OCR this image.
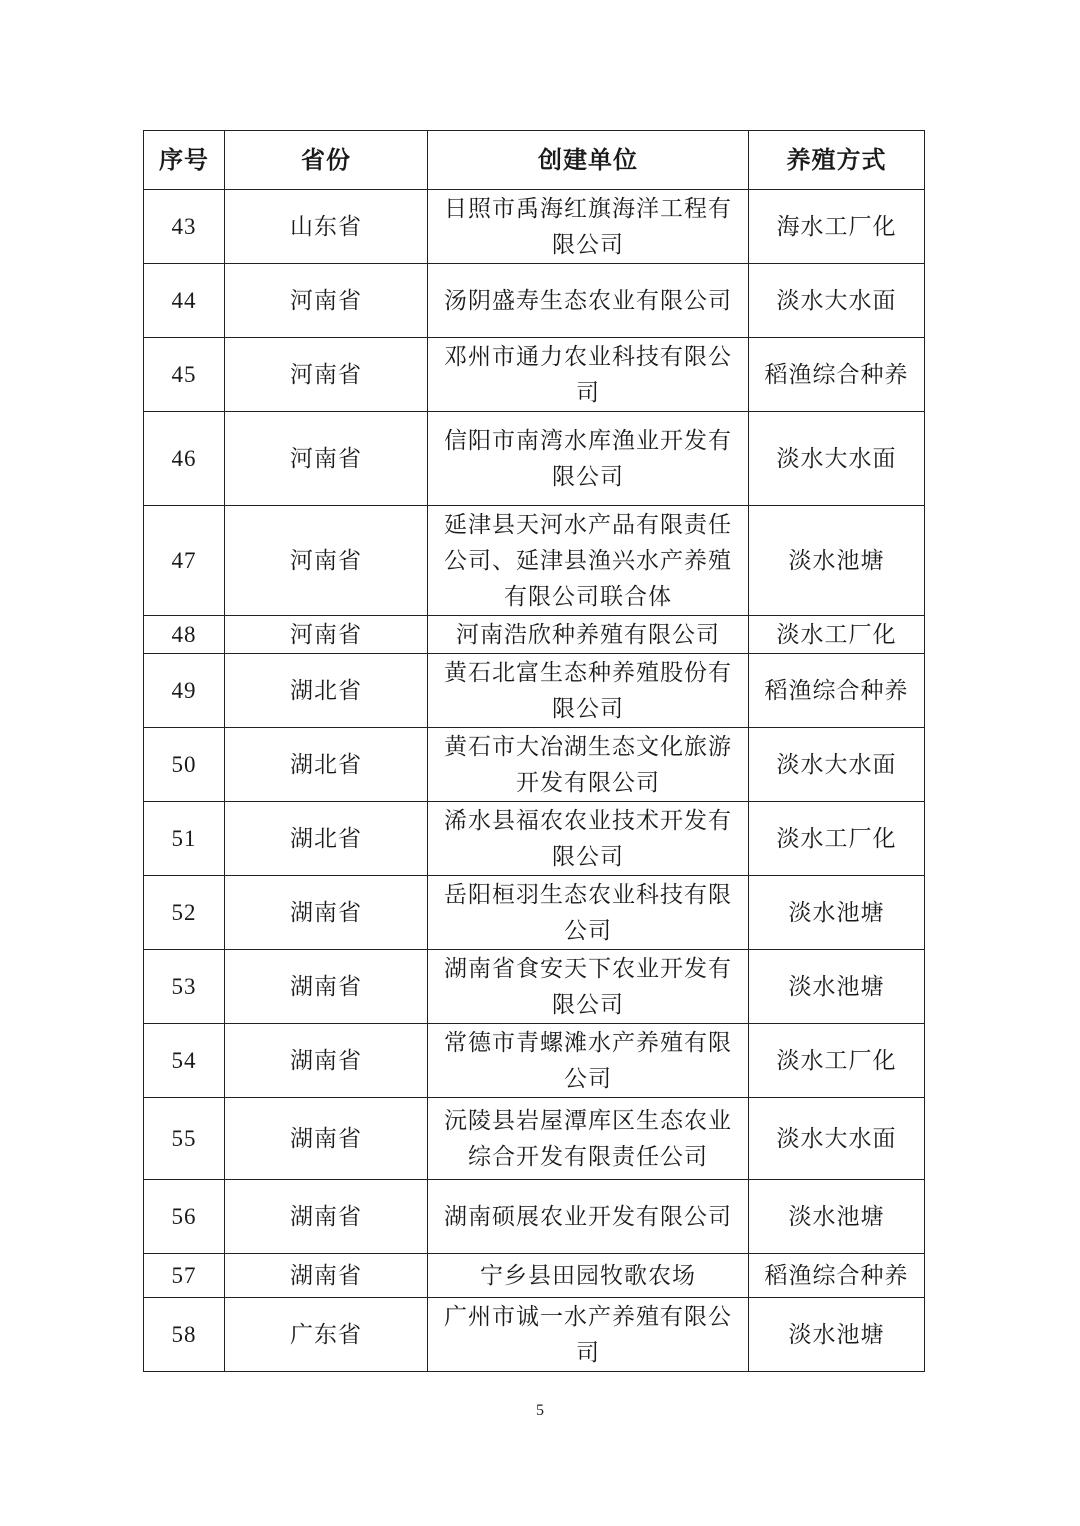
序号	省份	创建单位	养殖方式
43	山东省	日照市禹海红旗海洋工程有限公司	海水工厂化
44	河南省	汤阴盛寿生态农业有限公司	淡水大水面
45	河南省	邓州市通力农业科技有限公司	稻渔综合种养
46	河南省	信阳市南湾水库渔业开发有限公司	淡水大水面
47	河南省	延津县天河水产品有限责任公司、延津县渔兴水产养殖有限公司联合体	淡水池塘
48	河南省	河南浩欣种养殖有限公司	淡水工厂化
49	湖北省	黄石北富生态种养殖股份有限公司	稻渔综合种养
50	湖北省	黄石市大冶湖生态文化旅游开发有限公司	淡水大水面
51	湖北省	浠水县福农农业技术开发有限公司	淡水工厂化
52	湖南省	岳阳桓羽生态农业科技有限公司	淡水池塘
53	湖南省	湖南省食安天下农业开发有限公司	淡水池塘
54	湖南省	常德市青螺滩水产养殖有限公司	淡水工厂化
55	湖南省	沅陵县岩屋潭库区生态农业综合开发有限责任公司	淡水大水面
56	湖南省	湖南硕展农业开发有限公司	淡水池塘
57	湖南省	宁乡县田园牧歌农场	稻渔综合种养
58	广东省	广州市诚一水产养殖有限公司	淡水池塘
5
